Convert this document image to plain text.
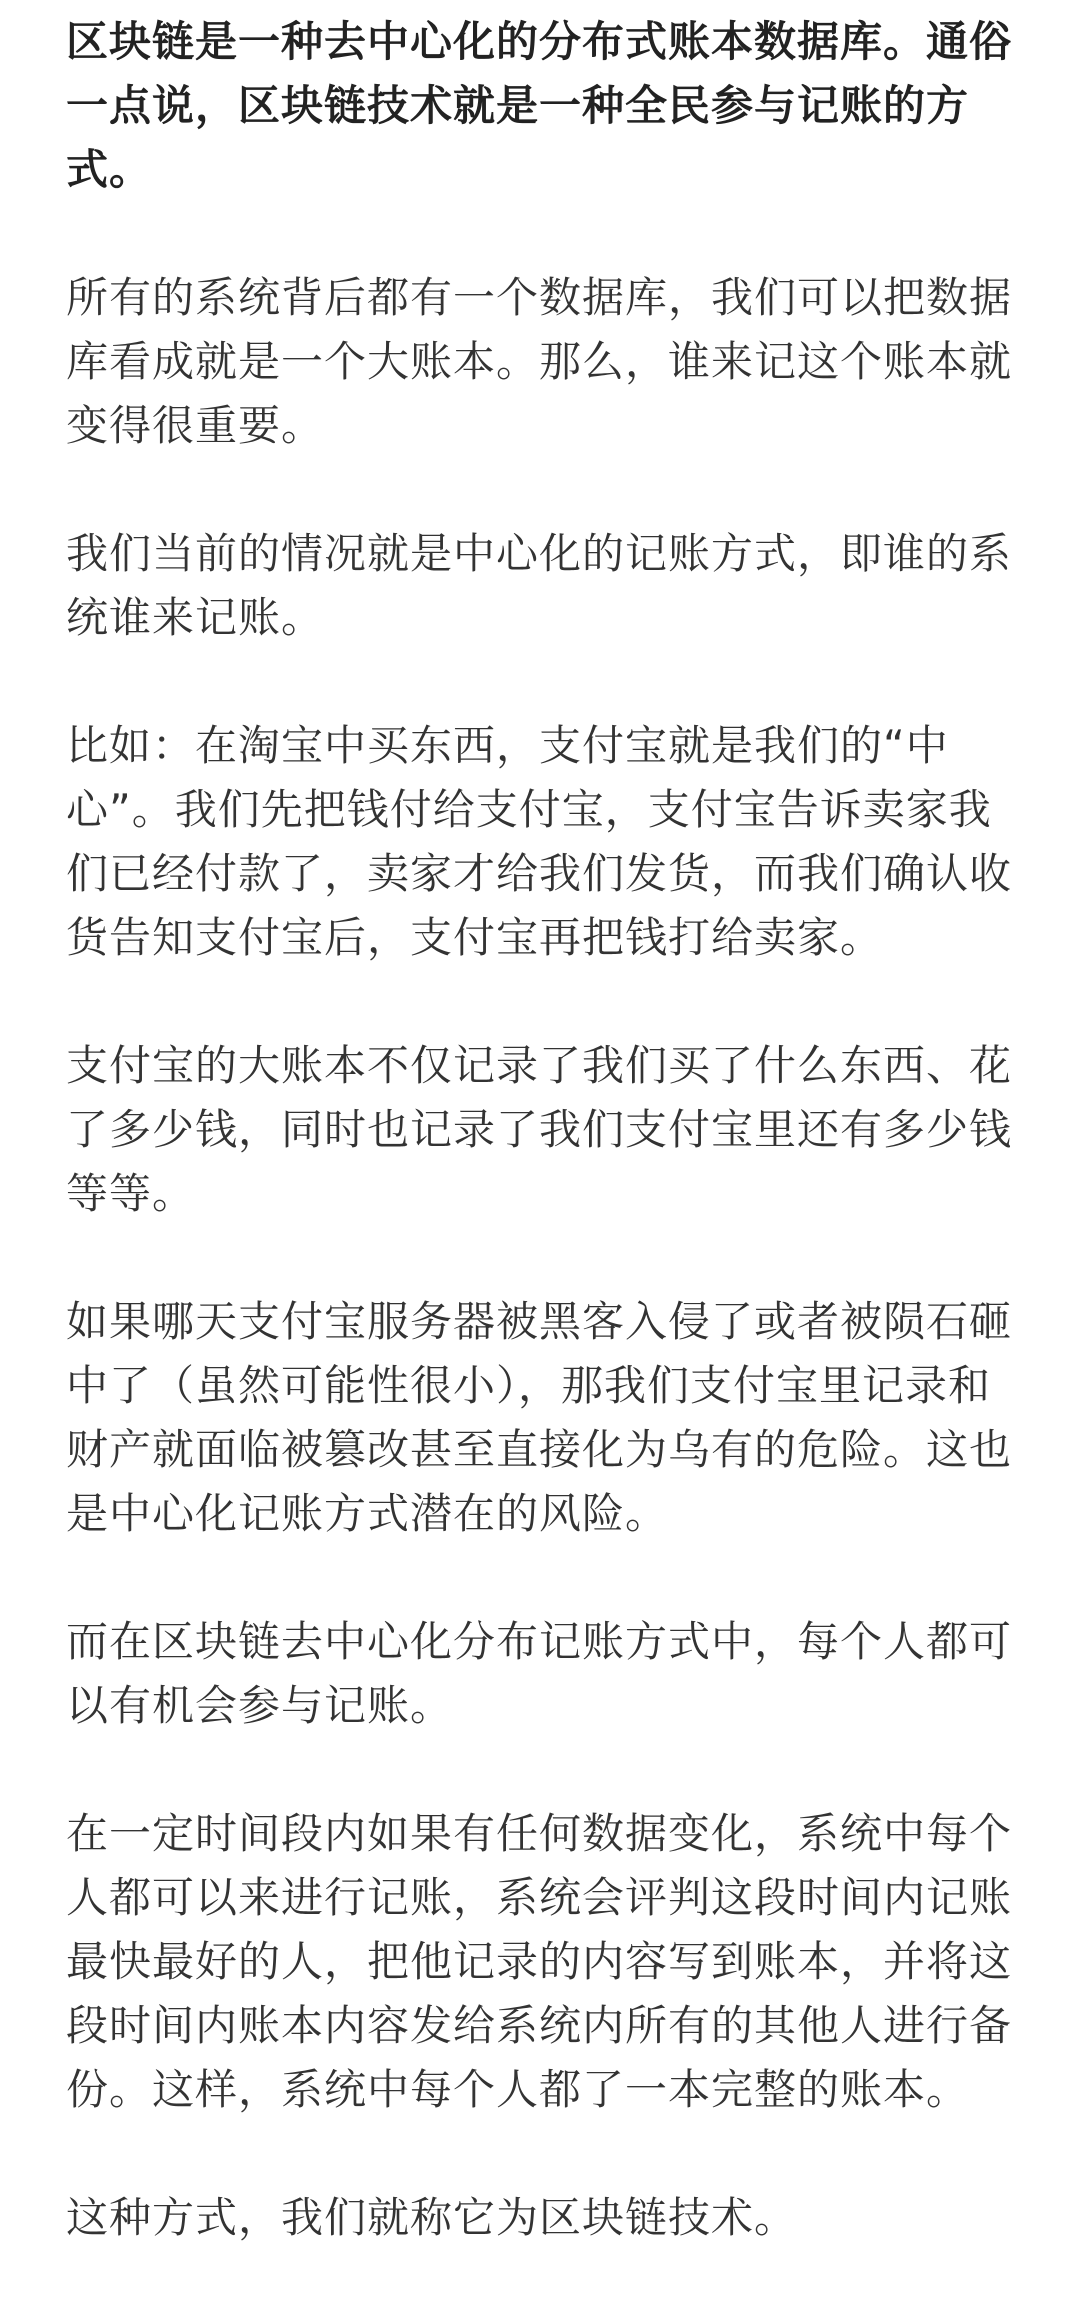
区块链是一种去中心化的分布式账本数据库。通俗一点说，区块链技术就是一种全民参与记账的方式。

所有的系统背后都有一个数据库，我们可以把数据库看成就是一个大账本。那么，谁来记这个账本就变得很重要。

我们当前的情况就是中心化的记账方式，即谁的系统谁来记账。

比如：在淘宝中买东西，支付宝就是我们的“中心”。我们先把钱付给支付宝，支付宝告诉卖家我们已经付款了，卖家才给我们发货，而我们确认收货告知支付宝后，支付宝再把钱打给卖家。

支付宝的大账本不仅记录了我们买了什么东西、花了多少钱，同时也记录了我们支付宝里还有多少钱等等。

如果哪天支付宝服务器被黑客入侵了或者被陨石砸中了（虽然可能性很小），那我们支付宝里记录和财产就面临被篡改甚至直接化为乌有的危险。这也是中心化记账方式潜在的风险。

而在区块链去中心化分布记账方式中，每个人都可以有机会参与记账。

在一定时间段内如果有任何数据变化，系统中每个人都可以来进行记账，系统会评判这段时间内记账最快最好的人，把他记录的内容写到账本，并将这段时间内账本内容发给系统内所有的其他人进行备份。这样，系统中每个人都了一本完整的账本。

这种方式，我们就称它为区块链技术。
